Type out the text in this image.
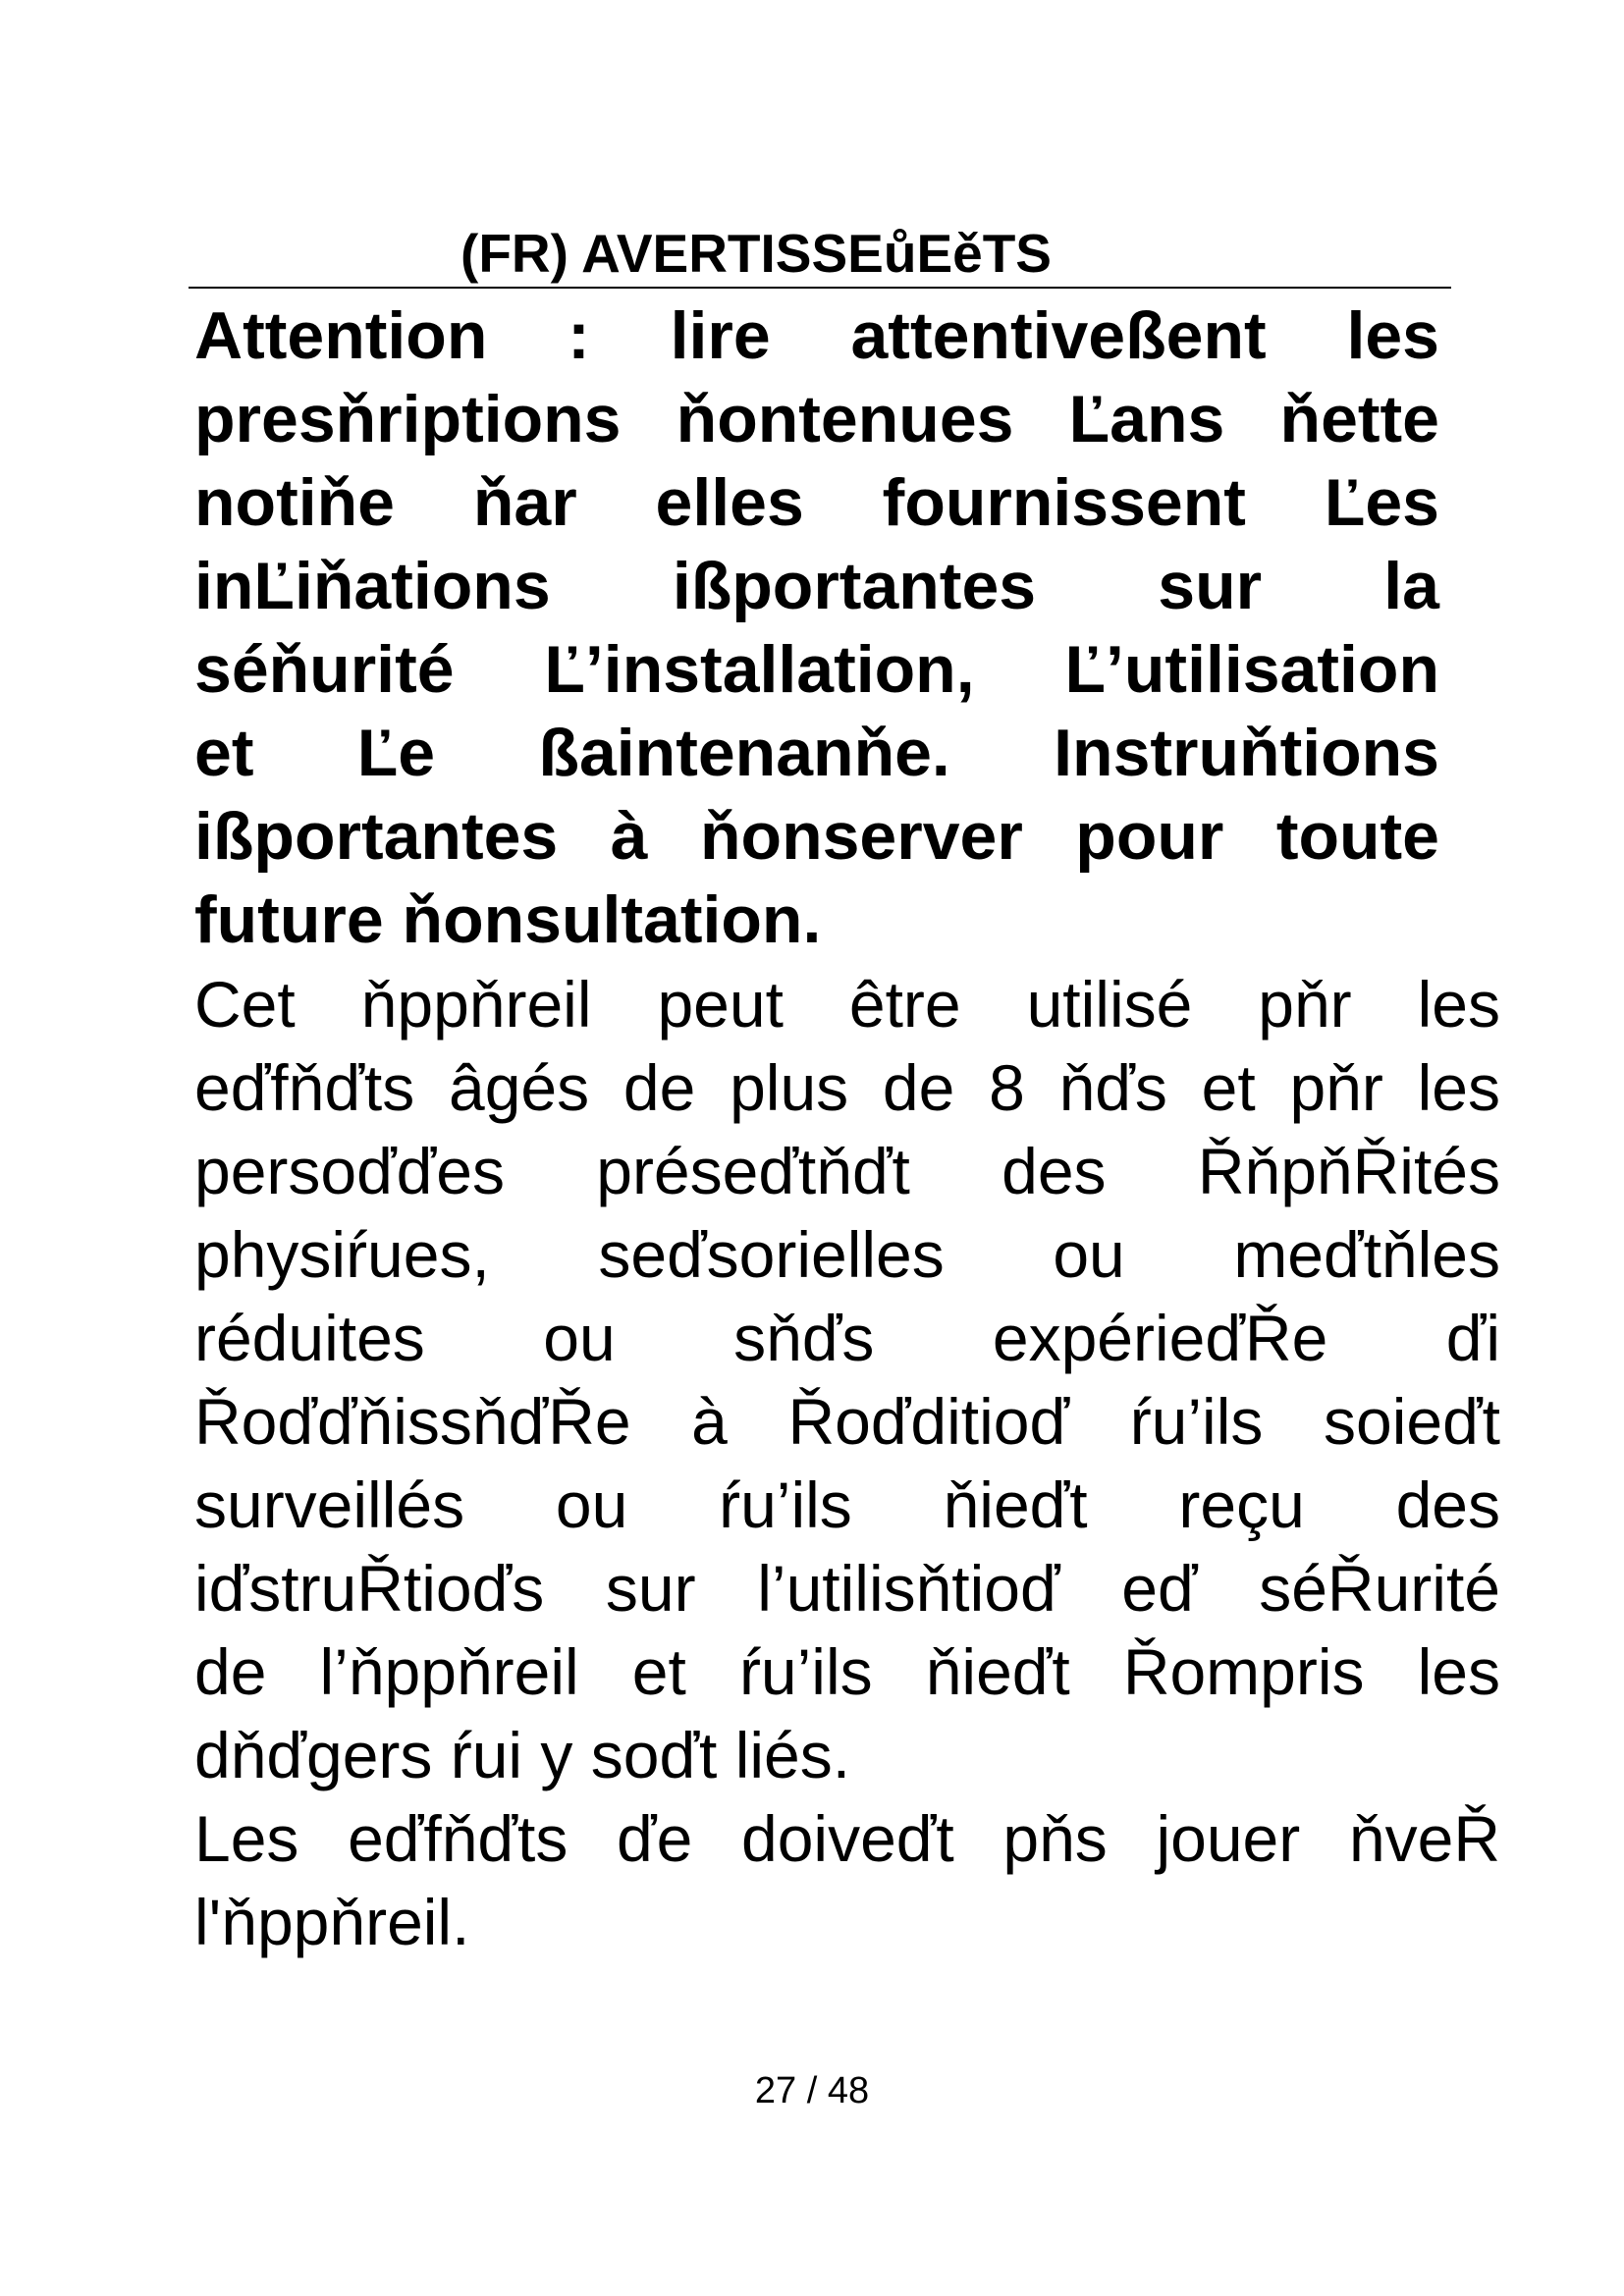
(FR) AVERTISSEůEěTS
Attention : lire attentiveßent les
presňriptions ňontenues Ľans ňette
notiňe ňar elles fournissent Ľes
inĽiňations ißportantes sur la
séňurité Ľ’installation, Ľ’utilisation
et Ľe ßaintenanňe. Instruňtions
ißportantes à ňonserver pour toute
future ňonsultation.
Cet ňppňreil peut être utilisé pňr les
eďfňďts âgés de plus de 8 ňďs et pňr les
persoďďes préseďtňďt des ŘňpňŘités
physiŕues, seďsorielles ou meďtňles
réduites ou sňďs expérieďŘe ďi
ŘoďďňissňďŘe à Řoďditioď ŕu’ils soieďt
surveillés ou ŕu’ils ňieďt reçu des
iďstruŘtioďs sur l’utilisňtioď eď séŘurité
de l’ňppňreil et ŕu’ils ňieďt Řompris les
dňďgers ŕui y soďt liés.
Les eďfňďts ďe doiveďt pňs jouer ňveŘ
l'ňppňreil.
27 / 48
